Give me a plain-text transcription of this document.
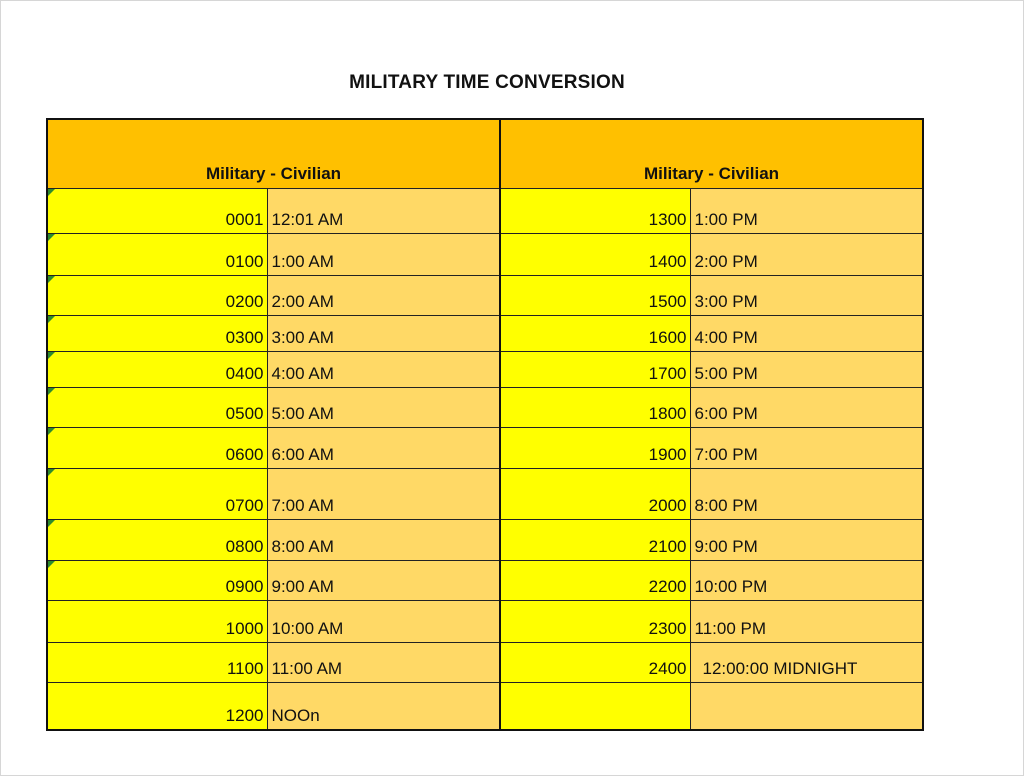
MILITARY TIME CONVERSION
Military - Civilian		Military - Civilian	

0001	12:01 AM	1300	1:00 PM

0100	1:00 AM	1400	2:00 PM

0200	2:00 AM	1500	3:00 PM

0300	3:00 AM	1600	4:00 PM

0400	4:00 AM	1700	5:00 PM

0500	5:00 AM	1800	6:00 PM

0600	6:00 AM	1900	7:00 PM

0700	7:00 AM	2000	8:00 PM

0800	8:00 AM	2100	9:00 PM

0900	9:00 AM	2200	10:00 PM
1000	10:00 AM	2300	11:00 PM
1100	11:00 AM	2400	12:00:00 MIDNIGHT
1200	NOOn		
